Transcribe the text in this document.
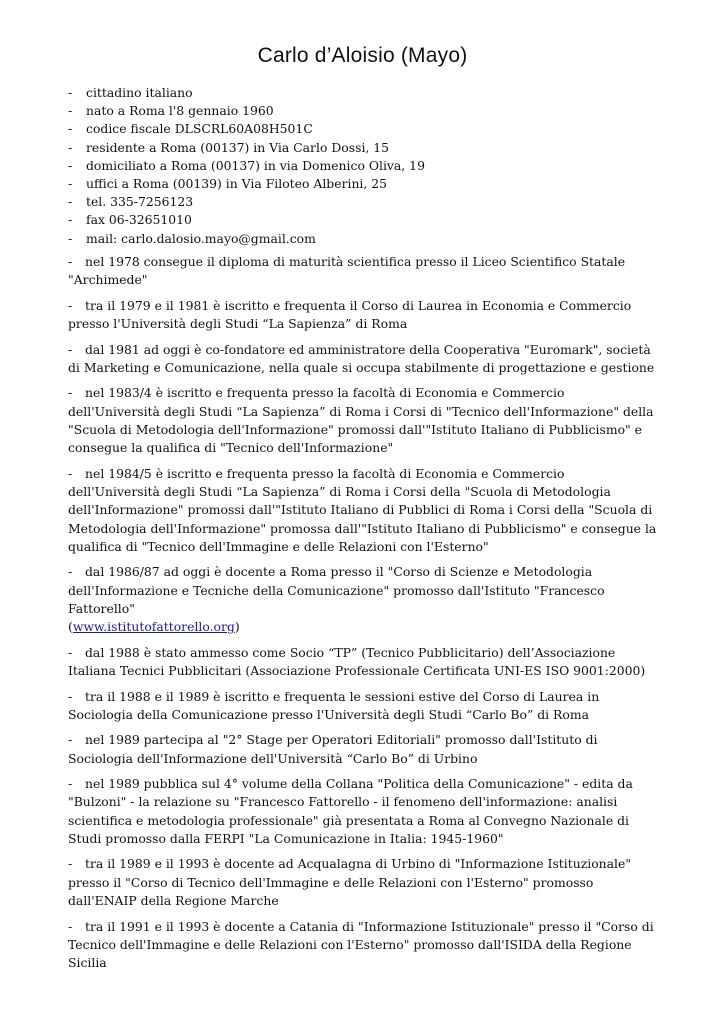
Carlo d’Aloisio (Mayo)
- cittadino italiano
- nato a Roma l'8 gennaio 1960
- codice fiscale DLSCRL60A08H501C
- residente a Roma (00137) in Via Carlo Dossi, 15
- domiciliato a Roma (00137) in via Domenico Oliva, 19
- uffici a Roma (00139) in Via Filoteo Alberini, 25
- tel. 335-7256123
- fax 06-32651010
- mail: carlo.dalosio.mayo@gmail.com

- nel 1978 consegue il diploma di maturità scientifica presso il Liceo Scientifico Statale "Archimede"

- tra il 1979 e il 1981 è iscritto e frequenta il Corso di Laurea in Economia e Commercio presso l'Università degli Studi “La Sapienza” di Roma

- dal 1981 ad oggi è co-fondatore ed amministratore della Cooperativa "Euromark", società di Marketing e Comunicazione, nella quale si occupa stabilmente di progettazione e gestione

- nel 1983/4 è iscritto e frequenta presso la facoltà di Economia e Commercio dell'Università degli Studi “La Sapienza” di Roma i Corsi di "Tecnico dell'Informazione" della "Scuola di Metodologia dell'Informazione" promossi dall'"Istituto Italiano di Pubblicismo" e consegue la qualifica di "Tecnico dell'Informazione"

- nel 1984/5 è iscritto e frequenta presso la facoltà di Economia e Commercio dell'Università degli Studi “La Sapienza” di Roma i Corsi della "Scuola di Metodologia dell'Informazione" promossi dall'"Istituto Italiano di Pubblici di Roma i Corsi della "Scuola di Metodologia dell'Informazione" promossa dall'"Istituto Italiano di Pubblicismo" e consegue la qualifica di "Tecnico dell'Immagine e delle Relazioni con l'Esterno"

- dal 1986/87 ad oggi è docente a Roma presso il "Corso di Scienze e Metodologia dell'Informazione e Tecniche della Comunicazione" promosso dall'Istituto "Francesco Fattorello"
(www.istitutofattorello.org)

- dal 1988 è stato ammesso come Socio “TP” (Tecnico Pubblicitario) dell’Associazione Italiana Tecnici Pubblicitari (Associazione Professionale Certificata UNI-ES ISO 9001:2000)

- tra il 1988 e il 1989 è iscritto e frequenta le sessioni estive del Corso di Laurea in Sociologia della Comunicazione presso l'Università degli Studi “Carlo Bo” di Roma

- nel 1989 partecipa al "2° Stage per Operatori Editoriali" promosso dall'Istituto di Sociologia dell'Informazione dell'Università “Carlo Bo” di Urbino

- nel 1989 pubblica sul 4° volume della Collana "Politica della Comunicazione" - edita da "Bulzoni" - la relazione su "Francesco Fattorello - il fenomeno dell'informazione: analisi scientifica e metodologia professionale" già presentata a Roma al Convegno Nazionale di Studi promosso dalla FERPI "La Comunicazione in Italia: 1945-1960"

- tra il 1989 e il 1993 è docente ad Acqualagna di Urbino di "Informazione Istituzionale" presso il "Corso di Tecnico dell'Immagine e delle Relazioni con l'Esterno" promosso dall'ENAIP della Regione Marche

- tra il 1991 e il 1993 è docente a Catania di "Informazione Istituzionale" presso il "Corso di Tecnico dell'Immagine e delle Relazioni con l'Esterno" promosso dall'ISIDA della Regione Sicilia
